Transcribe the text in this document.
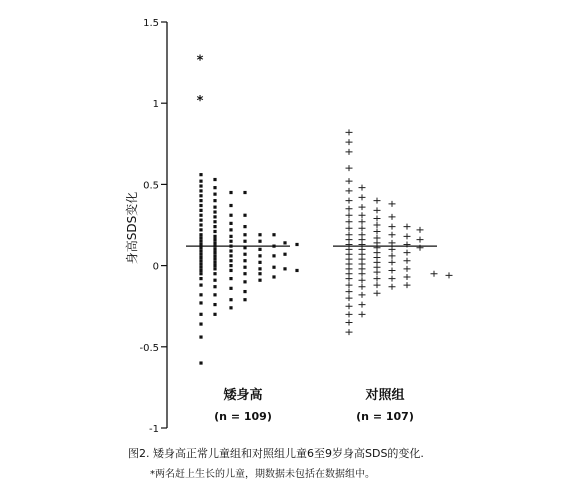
1.5
1
0.5
0
-0.5
-1
身高SDS变化
*
*
矮身高
(n = 109)
对照组
(n = 107)
图2. 矮身高正常儿童组和对照组儿童6至9岁身高SDS的变化.
*两名赶上生长的儿童，期数据未包括在数据组中。
